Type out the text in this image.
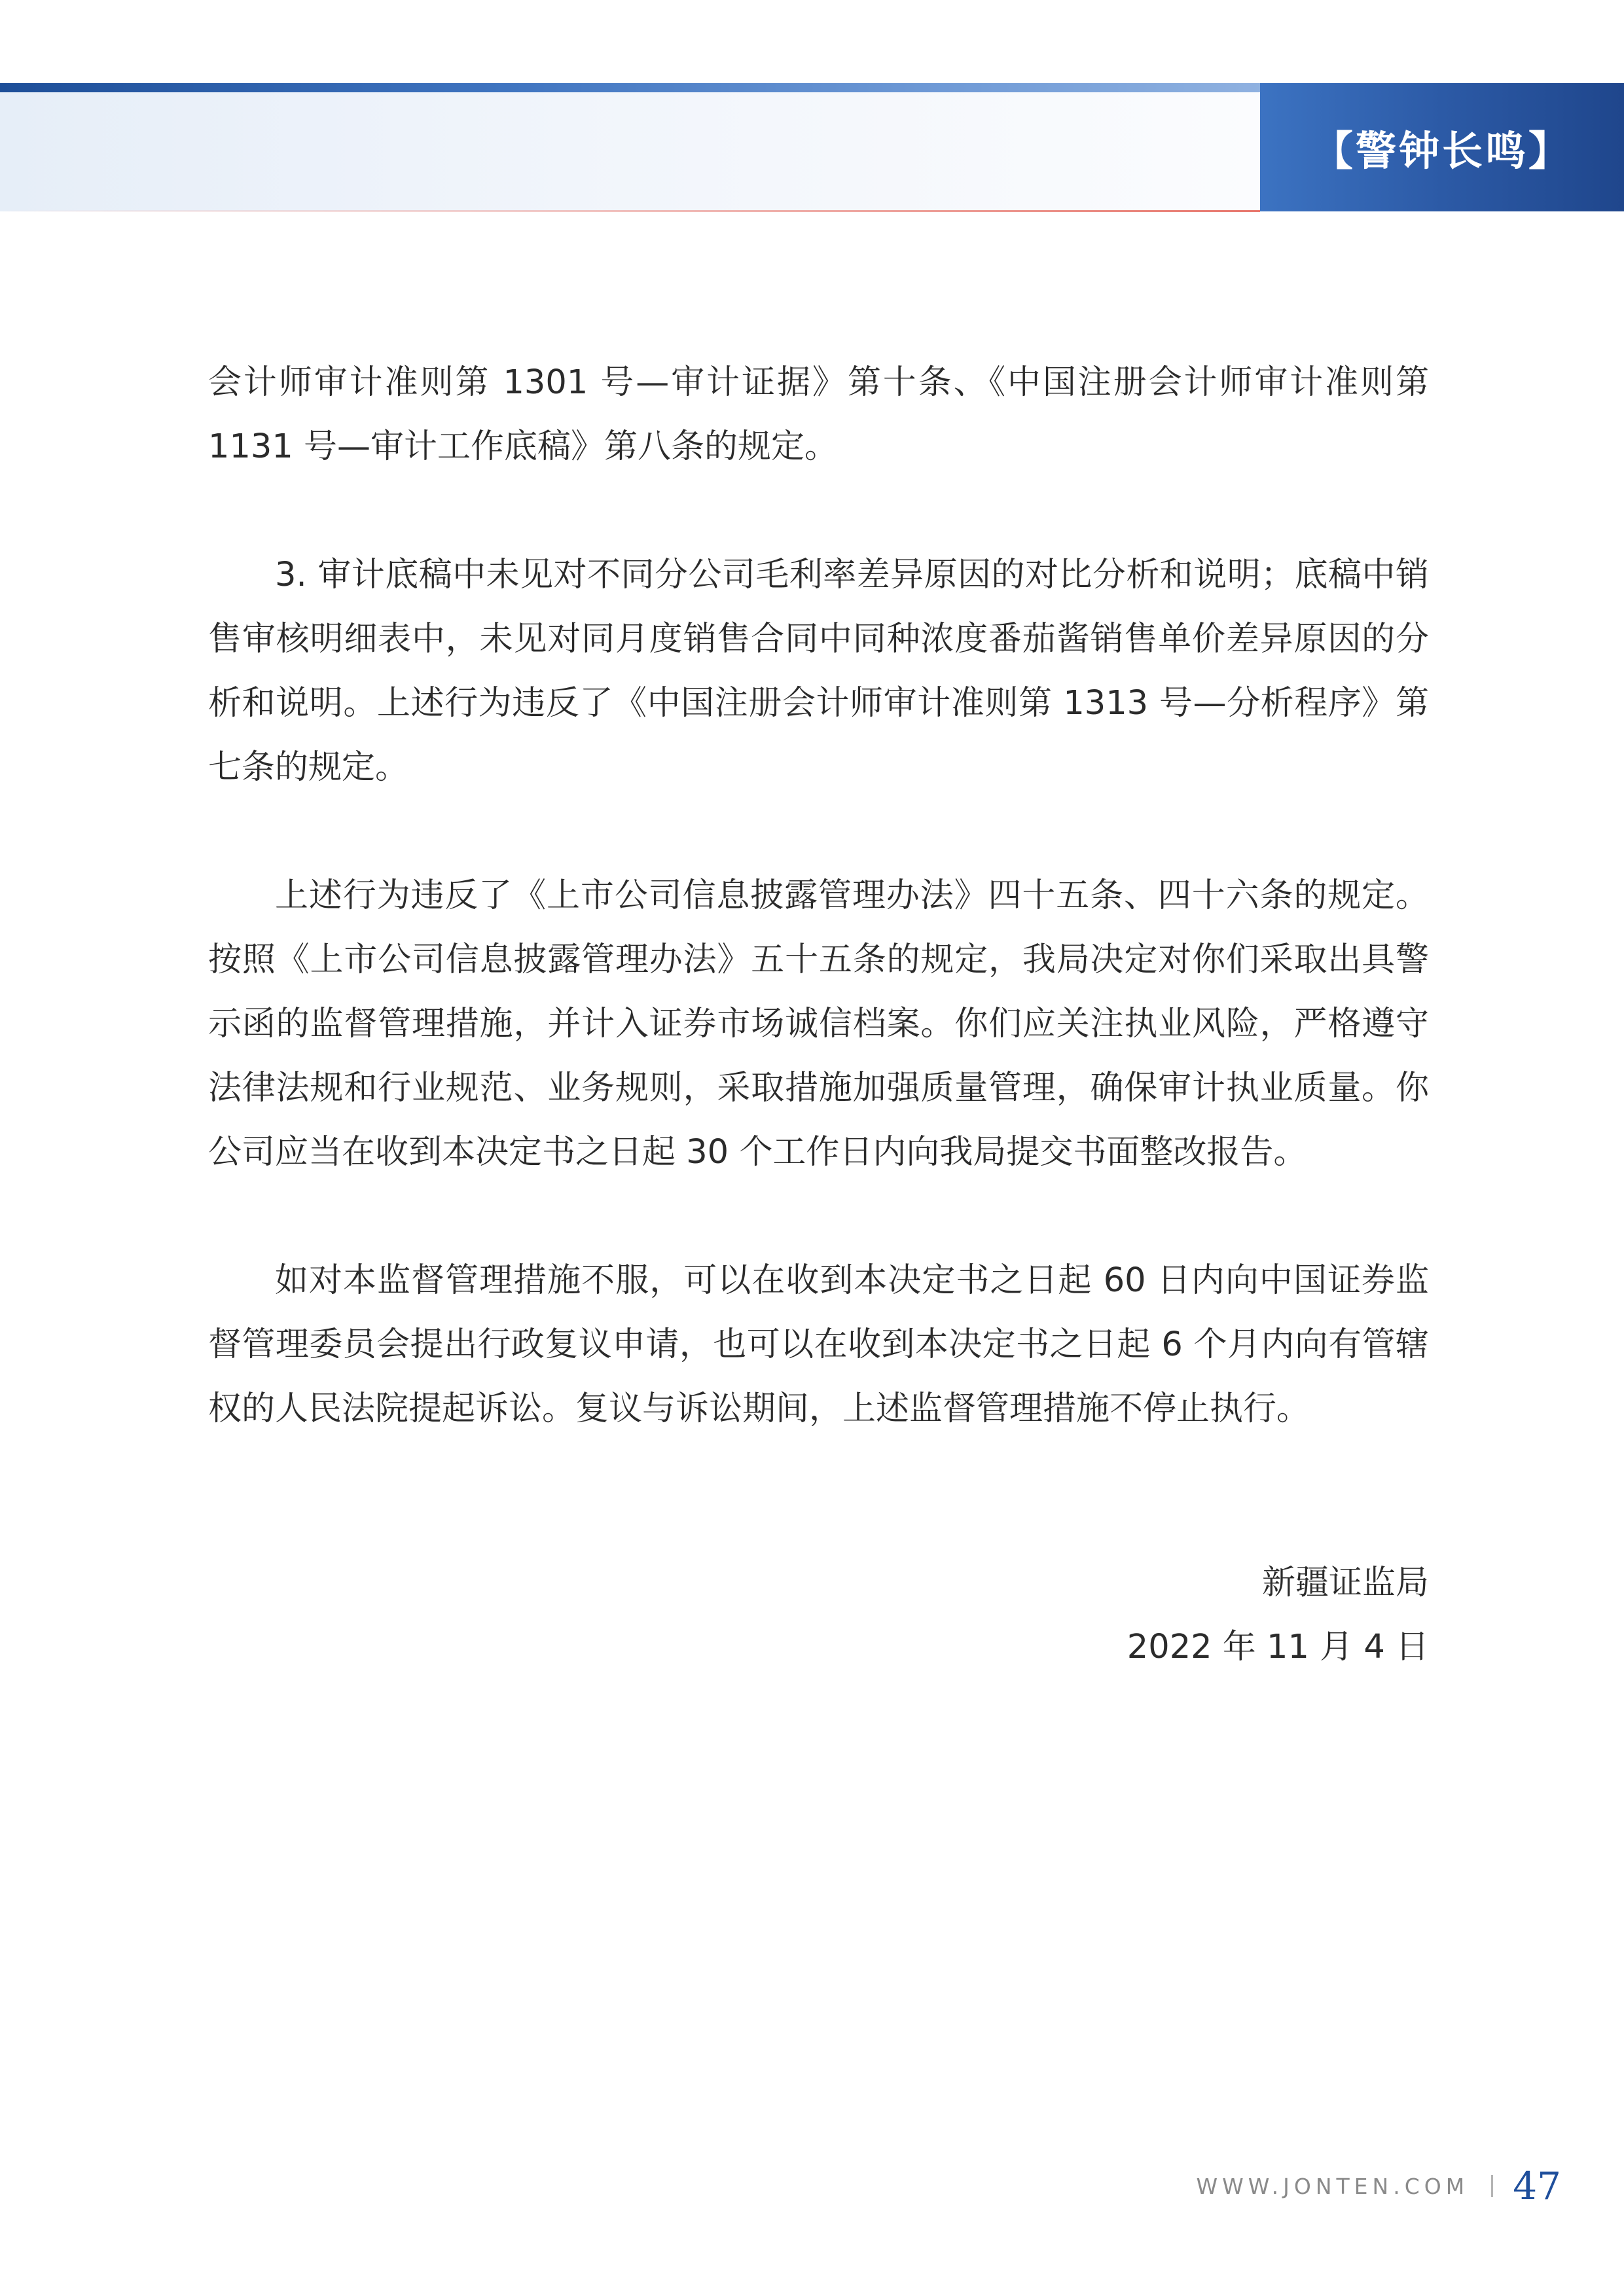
【警钟长鸣】

会计师审计准则第 1301 号—审计证据》第十条、《中国注册会计师审计准则第 1131 号—审计工作底稿》第八条的规定。

3. 审计底稿中未见对不同分公司毛利率差异原因的对比分析和说明；底稿中销售审核明细表中，未见对同月度销售合同中同种浓度番茄酱销售单价差异原因的分析和说明。上述行为违反了《中国注册会计师审计准则第 1313 号—分析程序》第七条的规定。

上述行为违反了《上市公司信息披露管理办法》四十五条、四十六条的规定。按照《上市公司信息披露管理办法》五十五条的规定，我局决定对你们采取出具警示函的监督管理措施，并计入证券市场诚信档案。你们应关注执业风险，严格遵守法律法规和行业规范、业务规则，采取措施加强质量管理，确保审计执业质量。你公司应当在收到本决定书之日起 30 个工作日内向我局提交书面整改报告。

如对本监督管理措施不服，可以在收到本决定书之日起 60 日内向中国证券监督管理委员会提出行政复议申请，也可以在收到本决定书之日起 6 个月内向有管辖权的人民法院提起诉讼。复议与诉讼期间，上述监督管理措施不停止执行。

新疆证监局
2022 年 11 月 4 日
WWW.JONTEN.COM 47
